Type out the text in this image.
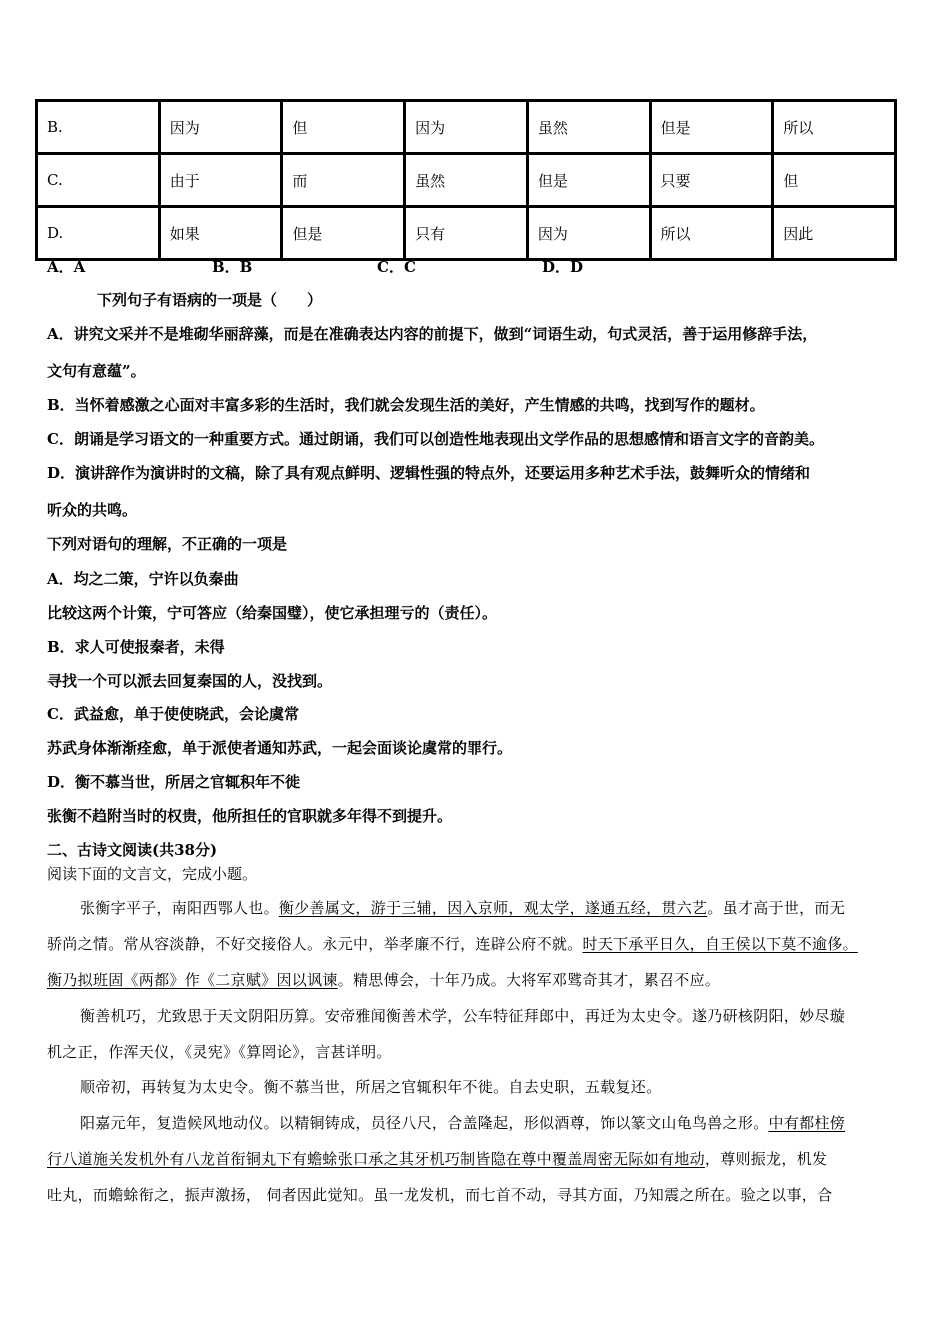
B.	因为	但	因为	虽然	但是	所以
C.	由于	而	虽然	但是	只要	但
D.	如果	但是	只有	因为	所以	因此
A．A	B．B	C．C	D．D
下列句子有语病的一项是（　　）
A．讲究文采并不是堆砌华丽辞藻，而是在准确表达内容的前提下，做到“词语生动，句式灵活，善于运用修辞手法，
文句有意蕴”。
B．当怀着感激之心面对丰富多彩的生活时，我们就会发现生活的美好，产生情感的共鸣，找到写作的题材。
C．朗诵是学习语文的一种重要方式。通过朗诵，我们可以创造性地表现出文学作品的思想感情和语言文字的音韵美。
D．演讲辞作为演讲时的文稿，除了具有观点鲜明、逻辑性强的特点外，还要运用多种艺术手法，鼓舞听众的情绪和
听众的共鸣。
下列对语句的理解，不正确的一项是
A．均之二策，宁许以负秦曲
比较这两个计策，宁可答应（给秦国璧），使它承担理亏的（责任）。
B．求人可使报秦者，未得
寻找一个可以派去回复秦国的人，没找到。
C．武益愈，单于使使晓武，会论虞常
苏武身体渐渐痊愈，单于派使者通知苏武，一起会面谈论虞常的罪行。
D．衡不慕当世，所居之官辄积年不徙
张衡不趋附当时的权贵，他所担任的官职就多年得不到提升。
二、古诗文阅读(共38分)
阅读下面的文言文，完成小题。
张衡字平子，南阳西鄂人也。衡少善属文，游于三辅，因入京师，观太学，遂通五经，贯六艺。虽才高于世，而无
骄尚之情。常从容淡静，不好交接俗人。永元中，举孝廉不行，连辟公府不就。时天下承平日久，自王侯以下莫不逾侈。
衡乃拟班固《两都》作《二京赋》因以讽谏。精思傅会，十年乃成。大将军邓骘奇其才，累召不应。
衡善机巧，尤致思于天文阴阳历算。安帝雅闻衡善术学，公车特征拜郎中，再迁为太史令。遂乃研核阴阳，妙尽璇
机之正，作浑天仪，《灵宪》《算罔论》，言甚详明。
顺帝初，再转复为太史令。衡不慕当世，所居之官辄积年不徙。自去史职，五载复还。
阳嘉元年，复造候风地动仪。以精铜铸成，员径八尺，合盖隆起，形似酒尊，饰以篆文山龟鸟兽之形。中有都柱傍
行八道施关发机外有八龙首衔铜丸下有蟾蜍张口承之其牙机巧制皆隐在尊中覆盖周密无际如有地动，尊则振龙，机发
吐丸，而蟾蜍衔之，振声激扬， 伺者因此觉知。虽一龙发机，而七首不动，寻其方面，乃知震之所在。验之以事，合
